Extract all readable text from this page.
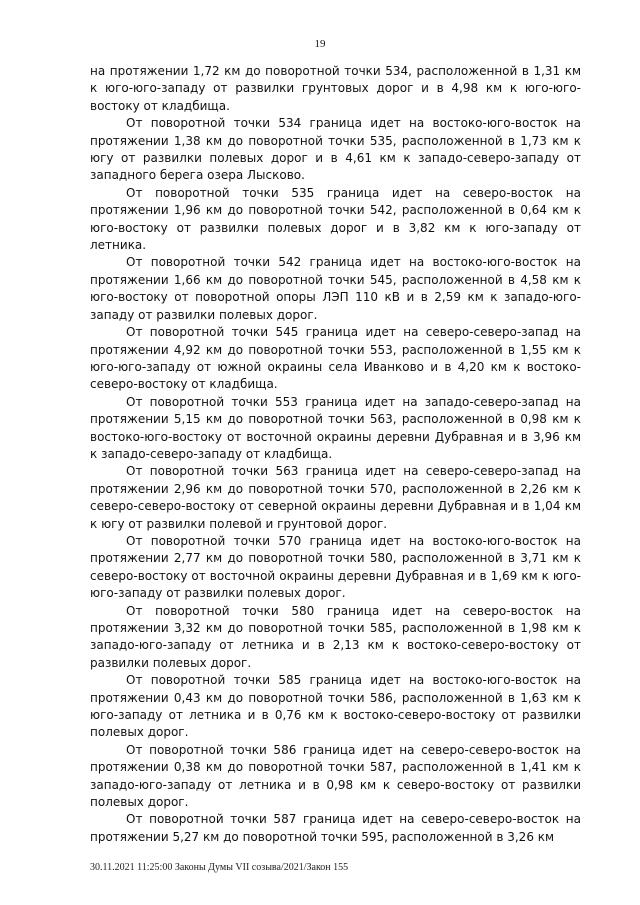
19

на протяжении 1,72 км до поворотной точки 534, расположенной в 1,31 км к юго-юго-западу от развилки грунтовых дорог и в 4,98 км к юго-юго-востоку от кладбища.

От поворотной точки 534 граница идет на востоко-юго-восток на протяжении 1,38 км до поворотной точки 535, расположенной в 1,73 км к югу от развилки полевых дорог и в 4,61 км к западо-северо-западу от западного берега озера Лысково.

От поворотной точки 535 граница идет на северо-восток на протяжении 1,96 км до поворотной точки 542, расположенной в 0,64 км к юго-востоку от развилки полевых дорог и в 3,82 км к юго-западу от летника.

От поворотной точки 542 граница идет на востоко-юго-восток на протяжении 1,66 км до поворотной точки 545, расположенной в 4,58 км к юго-востоку от поворотной опоры ЛЭП 110 кВ и в 2,59 км к западо-юго-западу от развилки полевых дорог.

От поворотной точки 545 граница идет на северо-северо-запад на протяжении 4,92 км до поворотной точки 553, расположенной в 1,55 км к юго-юго-западу от южной окраины села Иванково и в 4,20 км к востоко-северо-востоку от кладбища.

От поворотной точки 553 граница идет на западо-северо-запад на протяжении 5,15 км до поворотной точки 563, расположенной в 0,98 км к востоко-юго-востоку от восточной окраины деревни Дубравная и в 3,96 км к западо-северо-западу от кладбища.

От поворотной точки 563 граница идет на северо-северо-запад на протяжении 2,96 км до поворотной точки 570, расположенной в 2,26 км к северо-северо-востоку от северной окраины деревни Дубравная и в 1,04 км к югу от развилки полевой и грунтовой дорог.

От поворотной точки 570 граница идет на востоко-юго-восток на протяжении 2,77 км до поворотной точки 580, расположенной в 3,71 км к северо-востоку от восточной окраины деревни Дубравная и в 1,69 км к юго-юго-западу от развилки полевых дорог.

От поворотной точки 580 граница идет на северо-восток на протяжении 3,32 км до поворотной точки 585, расположенной в 1,98 км к западо-юго-западу от летника и в 2,13 км к востоко-северо-востоку от развилки полевых дорог.

От поворотной точки 585 граница идет на востоко-юго-восток на протяжении 0,43 км до поворотной точки 586, расположенной в 1,63 км к юго-западу от летника и в 0,76 км к востоко-северо-востоку от развилки полевых дорог.

От поворотной точки 586 граница идет на северо-северо-восток на протяжении 0,38 км до поворотной точки 587, расположенной в 1,41 км к западо-юго-западу от летника и в 0,98 км к северо-востоку от развилки полевых дорог.

От поворотной точки 587 граница идет на северо-северо-восток на протяжении 5,27 км до поворотной точки 595, расположенной в 3,26 км

30.11.2021 11:25:00 Законы Думы VII созыва/2021/Закон 155
